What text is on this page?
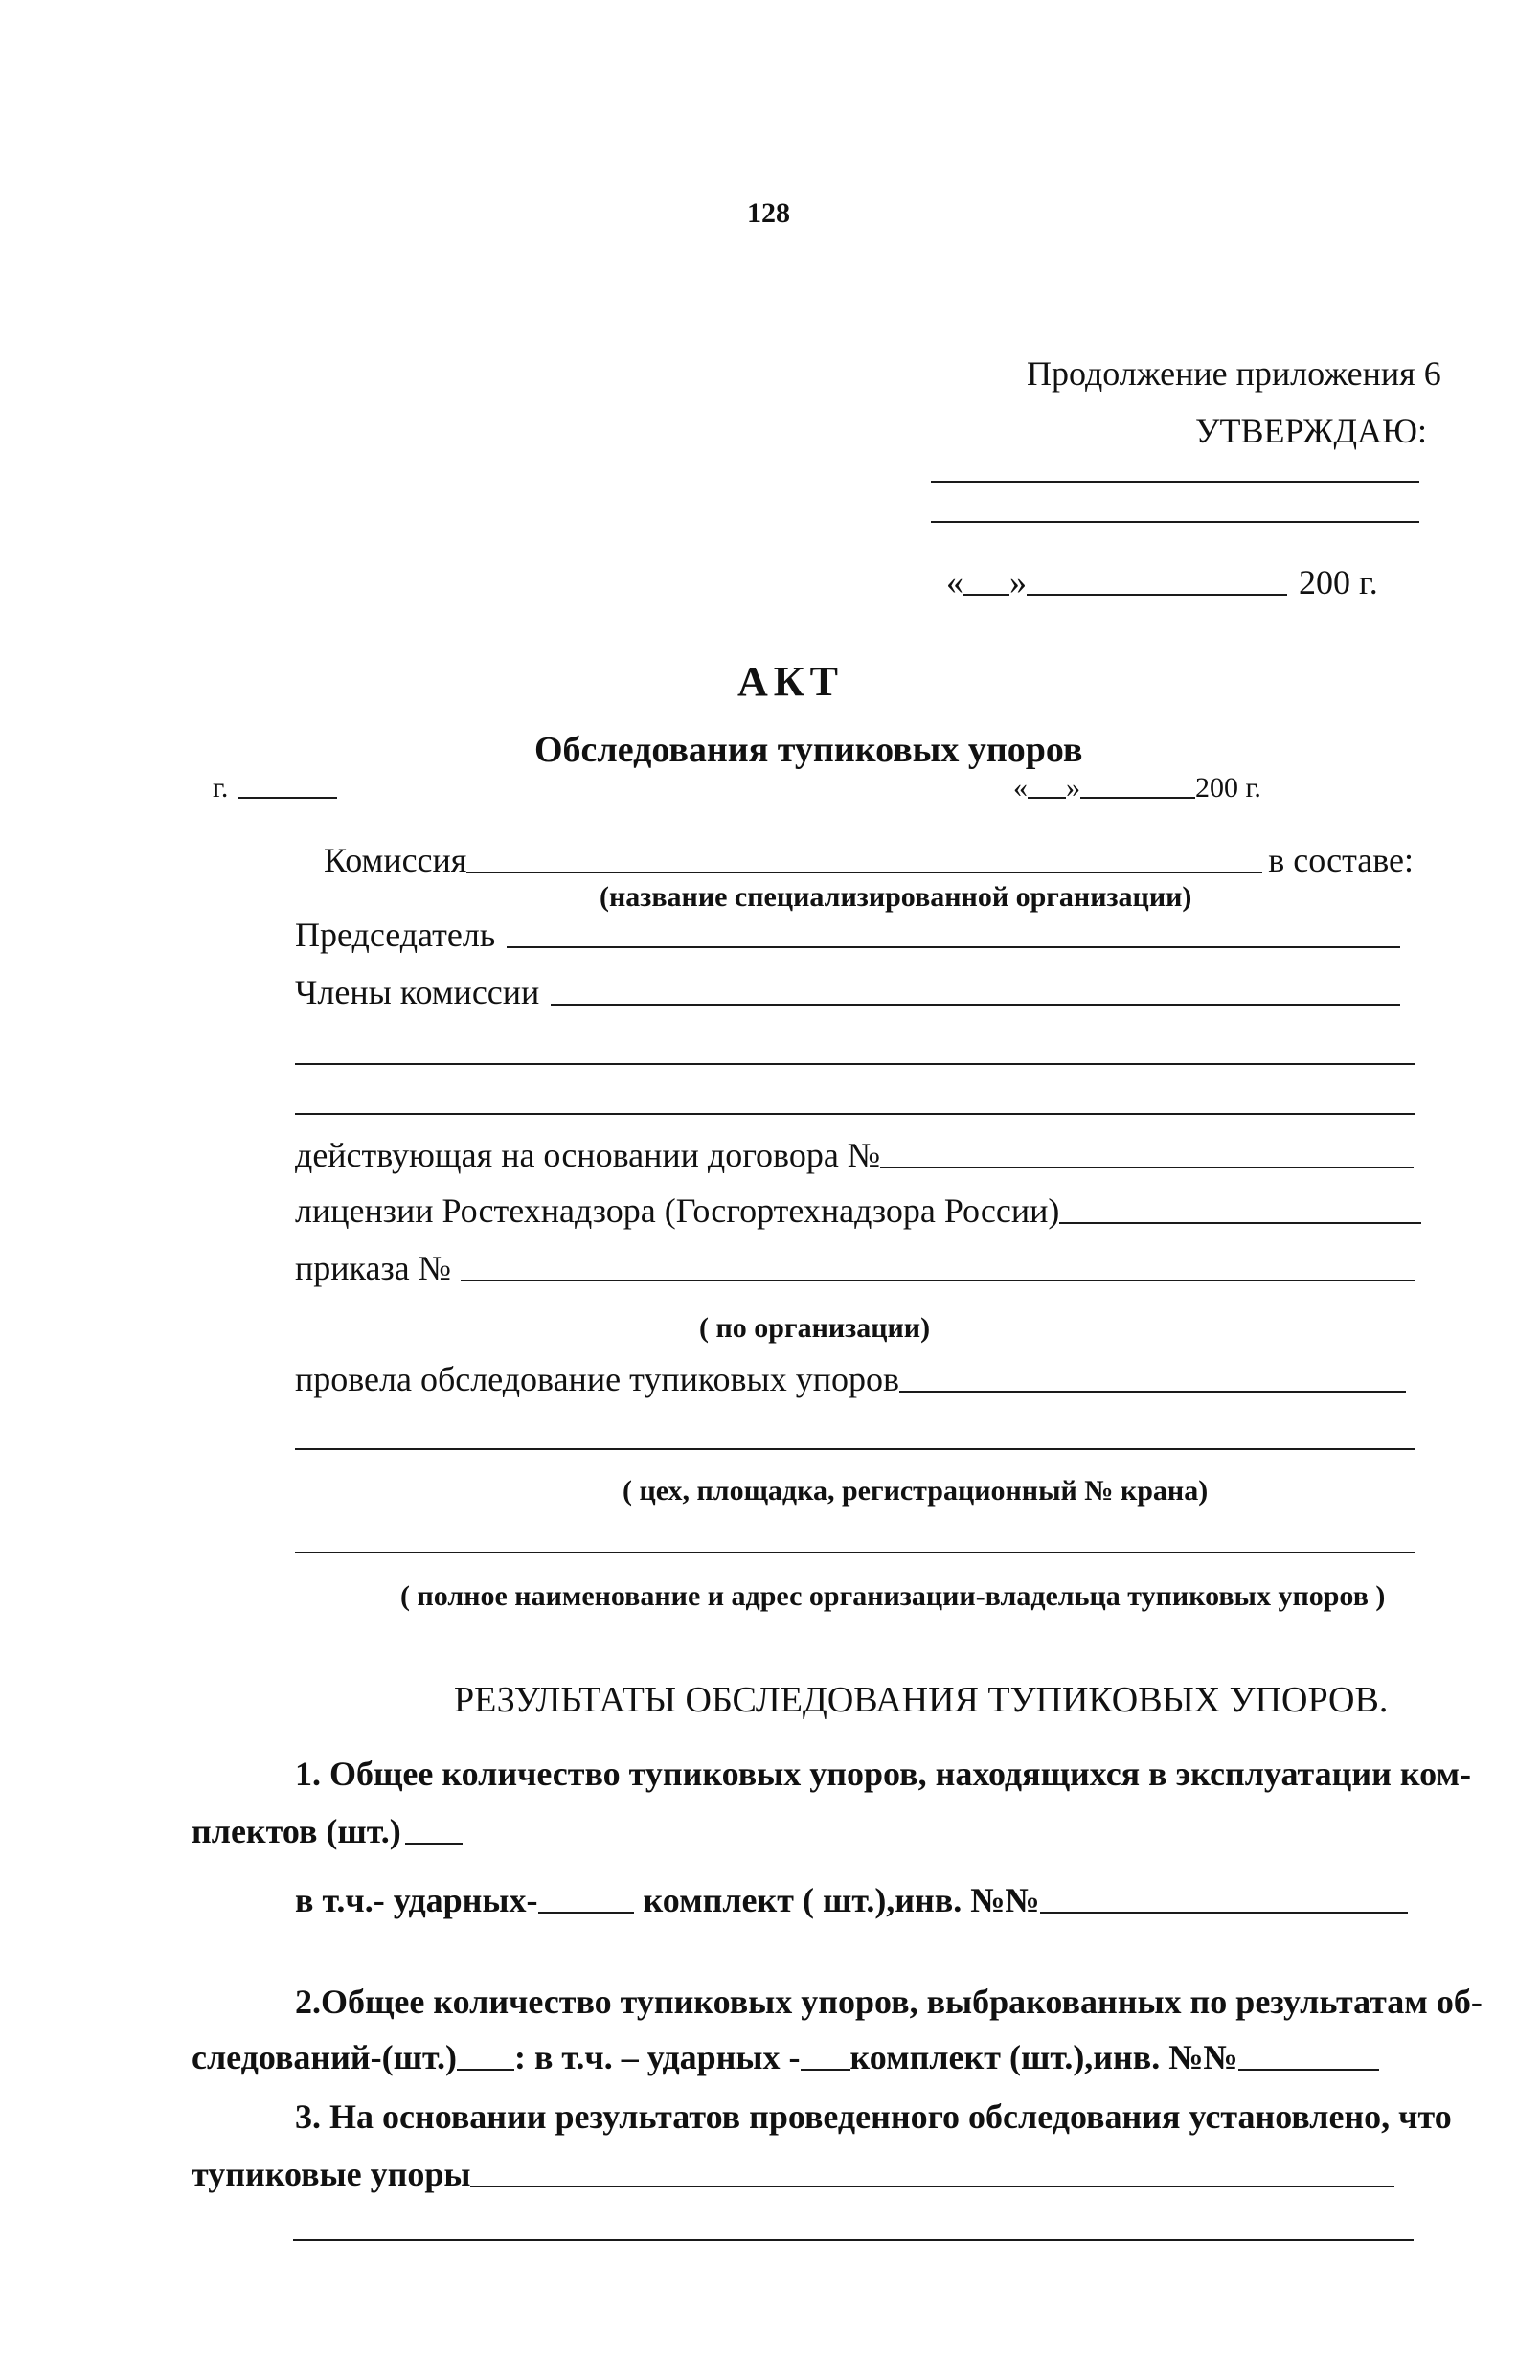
128
Продолжение приложения 6
УТВЕРЖДАЮ:
« »	200 г.
АКТ
Обследования тупиковых упоров
г.	« »	200 г.
Комиссия	в составе:
(название специализированной организации)
Председатель
Члены комиссии
действующая на основании договора №
лицензии Ростехнадзора (Госгортехнадзора России)
приказа №
( по организации)
провела обследование тупиковых упоров
( цех, площадка, регистрационный № крана)
( полное наименование и адрес организации-владельца тупиковых упоров )
РЕЗУЛЬТАТЫ ОБСЛЕДОВАНИЯ ТУПИКОВЫХ УПОРОВ.
1. Общее количество тупиковых упоров, находящихся в эксплуатации ком-
плектов (шт.)
в т.ч.- ударных-	комплект ( шт.),инв. №№
2.Общее количество тупиковых упоров, выбракованных по результатам об-
следований-(шт.) : в т.ч. – ударных - комплект (шт.),инв. №№
3. На основании результатов проведенного обследования установлено, что
тупиковые упоры
